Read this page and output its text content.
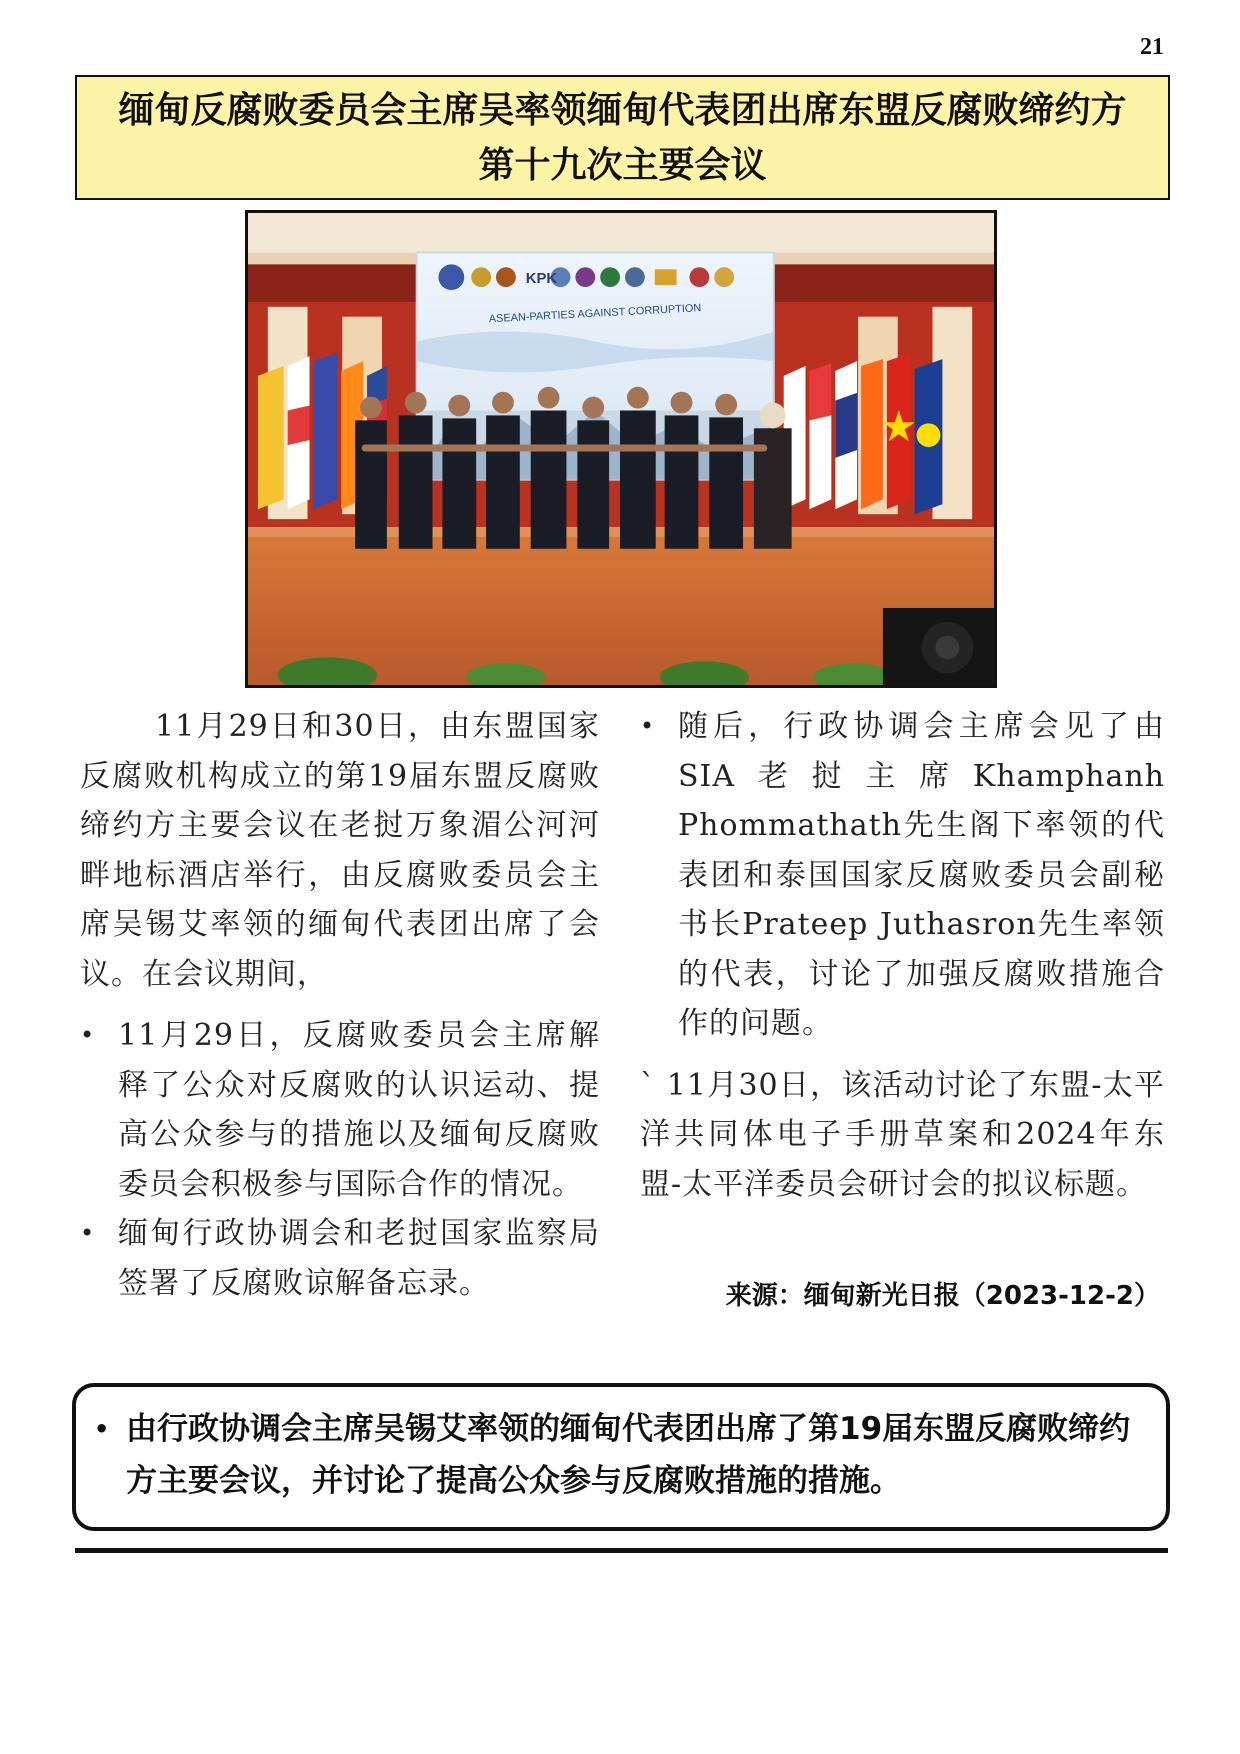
21
缅甸反腐败委员会主席吴率领缅甸代表团出席东盟反腐败缔约方
第十九次主要会议
KPK
ASEAN-PARTIES AGAINST CORRUPTION

11月29日和30日，由东盟国家反腐败机构成立的第19届东盟反腐败缔约方主要会议在老挝万象湄公河河畔地标酒店举行，由反腐败委员会主席吴锡艾率领的缅甸代表团出席了会议。在会议期间，

• 11月29日，反腐败委员会主席解释了公众对反腐败的认识运动、提高公众参与的措施以及缅甸反腐败委员会积极参与国际合作的情况。
• 缅甸行政协调会和老挝国家监察局签署了反腐败谅解备忘录。
• 随后，行政协调会主席会见了由SIA老挝主席Khamphanh Phommathath先生阁下率领的代表团和泰国国家反腐败委员会副秘书长Prateep Juthasron先生率领的代表，讨论了加强反腐败措施合作的问题。

` 11月30日，该活动讨论了东盟-太平洋共同体电子手册草案和2024年东盟-太平洋委员会研讨会的拟议标题。

来源：缅甸新光日报（2023-12-2）
• 由行政协调会主席吴锡艾率领的缅甸代表团出席了第19届东盟反腐败缔约方主要会议，并讨论了提高公众参与反腐败措施的措施。
